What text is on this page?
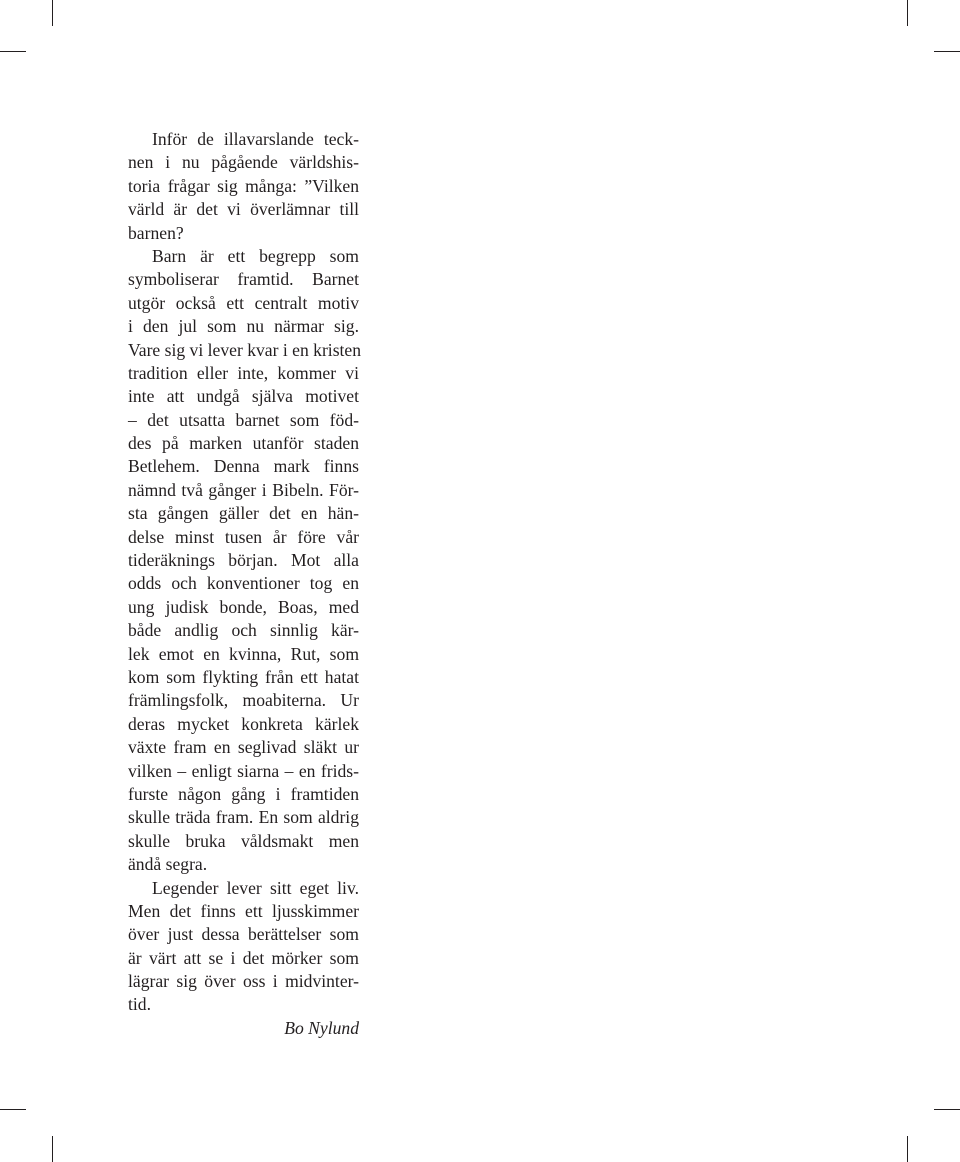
Inför de illavarslande teck-
nen i nu pågående världshis-
toria frågar sig många: ”Vilken
värld är det vi överlämnar till
barnen?
Barn är ett begrepp som
symboliserar framtid. Barnet
utgör också ett centralt motiv
i den jul som nu närmar sig.
Vare sig vi lever kvar i en kristen
tradition eller inte, kommer vi
inte att undgå själva motivet
– det utsatta barnet som föd-
des på marken utanför staden
Betlehem. Denna mark finns
nämnd två gånger i Bibeln. För-
sta gången gäller det en hän-
delse minst tusen år före vår
tideräknings början. Mot alla
odds och konventioner tog en
ung judisk bonde, Boas, med
både andlig och sinnlig kär-
lek emot en kvinna, Rut, som
kom som flykting från ett hatat
främlingsfolk, moabiterna. Ur
deras mycket konkreta kärlek
växte fram en seglivad släkt ur
vilken – enligt siarna – en frids-
furste någon gång i framtiden
skulle träda fram. En som aldrig
skulle bruka våldsmakt men
ändå segra.
Legender lever sitt eget liv.
Men det finns ett ljusskimmer
över just dessa berättelser som
är värt att se i det mörker som
lägrar sig över oss i midvinter-
tid.
Bo Nylund
